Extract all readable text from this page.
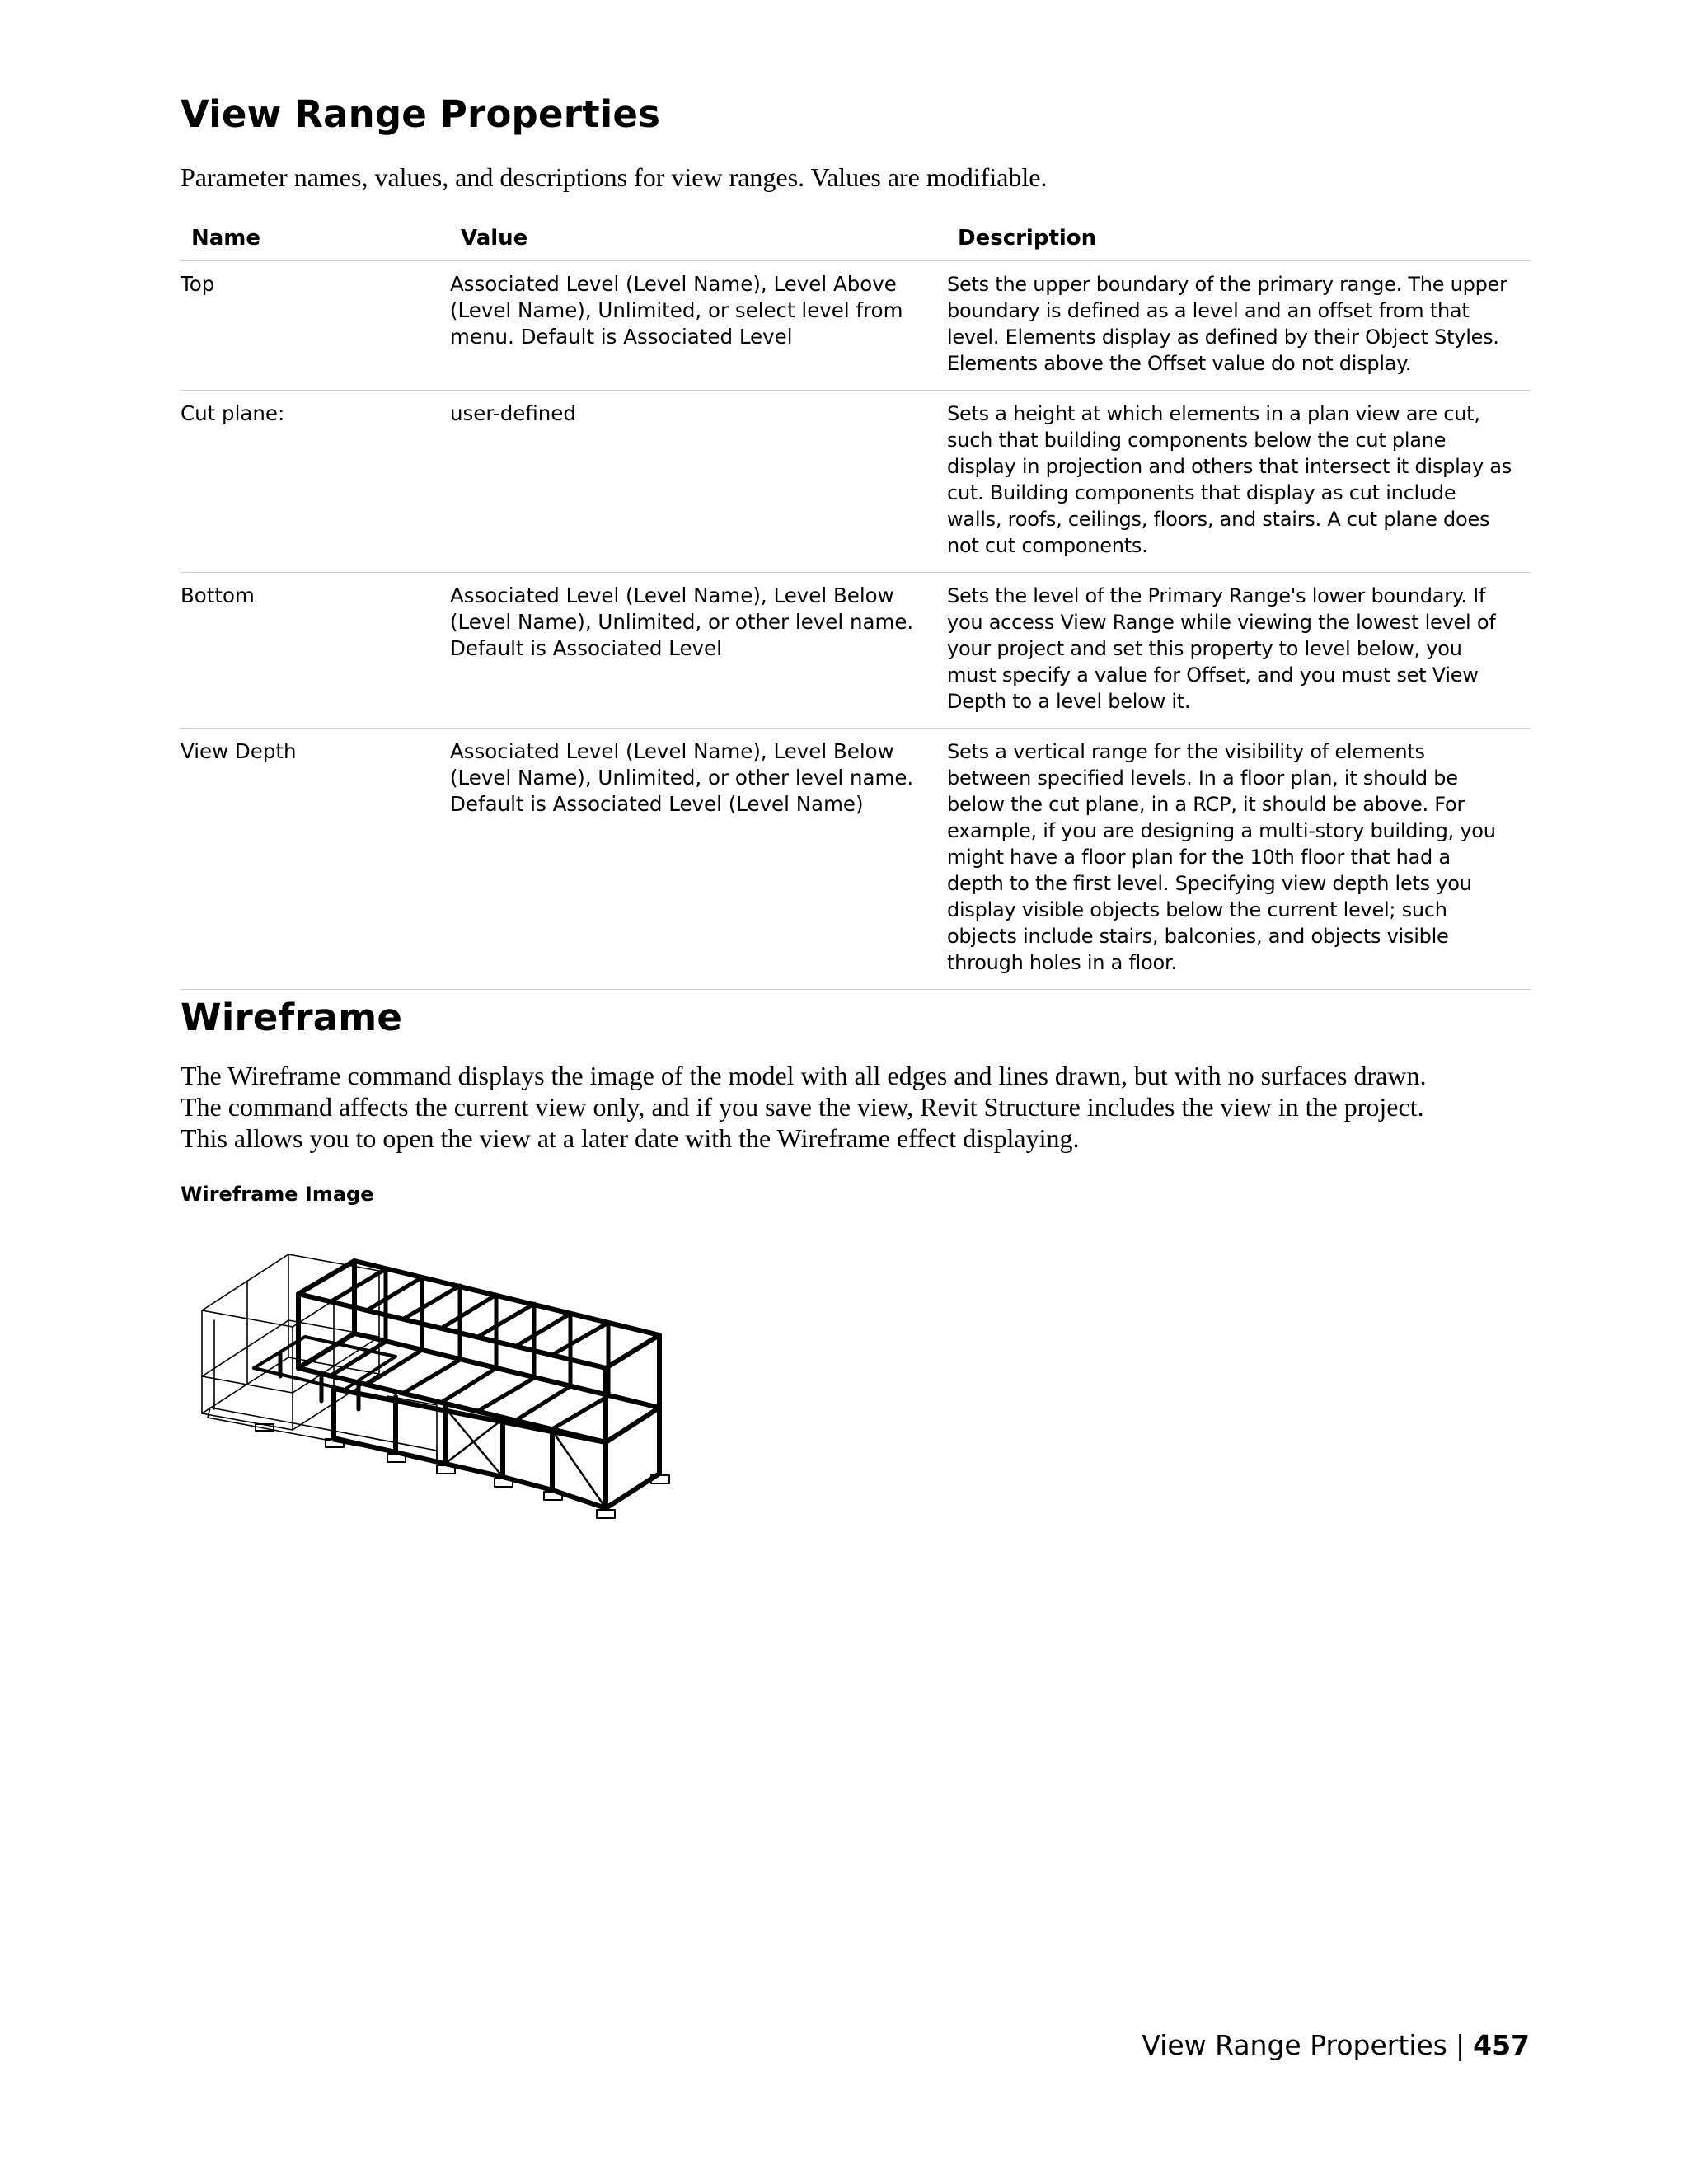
View Range Properties

Parameter names, values, and descriptions for view ranges. Values are modifiable.

Name	Value	Description
Top	Associated Level (Level Name), Level Above (Level Name), Unlimited, or select level from menu. Default is Associated Level	Sets the upper boundary of the primary range. The upper boundary is defined as a level and an offset from that level. Elements display as defined by their Object Styles. Elements above the Offset value do not display.
Cut plane:	user-defined	Sets a height at which elements in a plan view are cut, such that building components below the cut plane display in projection and others that intersect it display as cut. Building components that display as cut include walls, roofs, ceilings, floors, and stairs. A cut plane does not cut components.
Bottom	Associated Level (Level Name), Level Below (Level Name), Unlimited, or other level name. Default is Associated Level	Sets the level of the Primary Range's lower boundary. If you access View Range while viewing the lowest level of your project and set this property to level below, you must specify a value for Offset, and you must set View Depth to a level below it.
View Depth	Associated Level (Level Name), Level Below (Level Name), Unlimited, or other level name. Default is Associated Level (Level Name)	Sets a vertical range for the visibility of elements between specified levels. In a floor plan, it should be below the cut plane, in a RCP, it should be above. For example, if you are designing a multi-story building, you might have a floor plan for the 10th floor that had a depth to the first level. Specifying view depth lets you display visible objects below the current level; such objects include stairs, balconies, and objects visible through holes in a floor.
Wireframe

The Wireframe command displays the image of the model with all edges and lines drawn, but with no surfaces drawn.
The command affects the current view only, and if you save the view, Revit Structure includes the view in the project.
This allows you to open the view at a later date with the Wireframe effect displaying.

Wireframe Image

View Range Properties | 457
